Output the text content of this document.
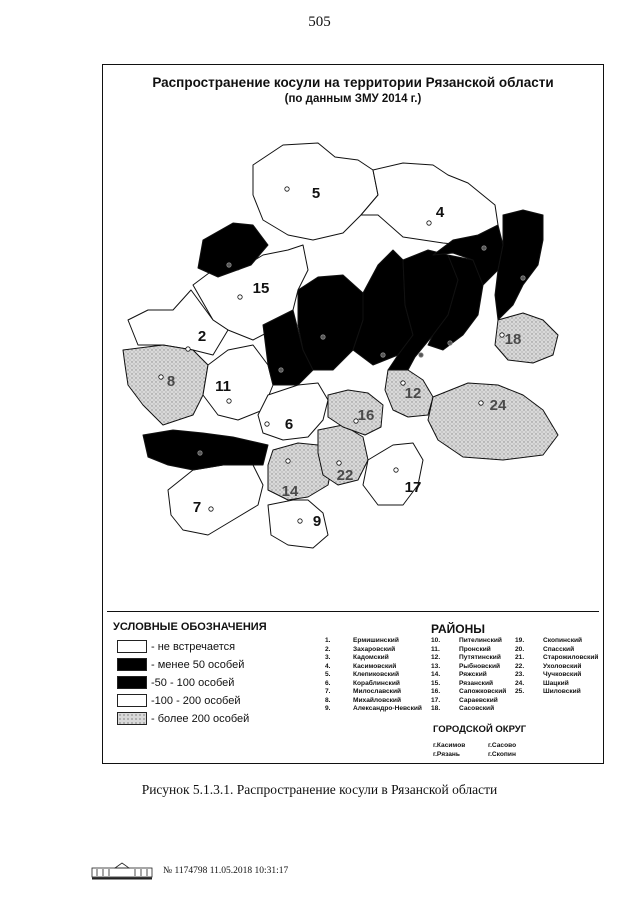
505
Распространение косули на территории Рязанской области
(по данным ЗМУ 2014 г.)
5
4
15
2
8	11
6
7
14
9
22
16
12
17
24
18
УСЛОВНЫЕ ОБОЗНАЧЕНИЯ
- не встречается
- менее 50 особей
-50 - 100 особей
-100 - 200 особей
- более 200 особей
РАЙОНЫ
1.	Ермишинский
2.	Захаровский
3.	Кадомский
4.	Касимовский
5.	Клепиковский
6.	Кораблинский
7.	Милославский
8.	Михайловский
9.	Александро-Невский
10.	Пителинский
11.	Пронский
12.	Путятинский
13.	Рыбновский
14.	Ряжский
15.	Рязанский
16.	Сапожковский
17.	Сараевский
18.	Сасовский
19.	Скопинский
20.	Спасский
21.	Старожиловский
22.	Ухоловский
23.	Чучковский
24.	Шацкий
25.	Шиловский
ГОРОДСКОЙ ОКРУГ
г.Касимов	г.Сасово
г.Рязань	г.Скопин
Рисунок 5.1.3.1. Распространение косули в Рязанской области
№ 1174798 11.05.2018 10:31:17
